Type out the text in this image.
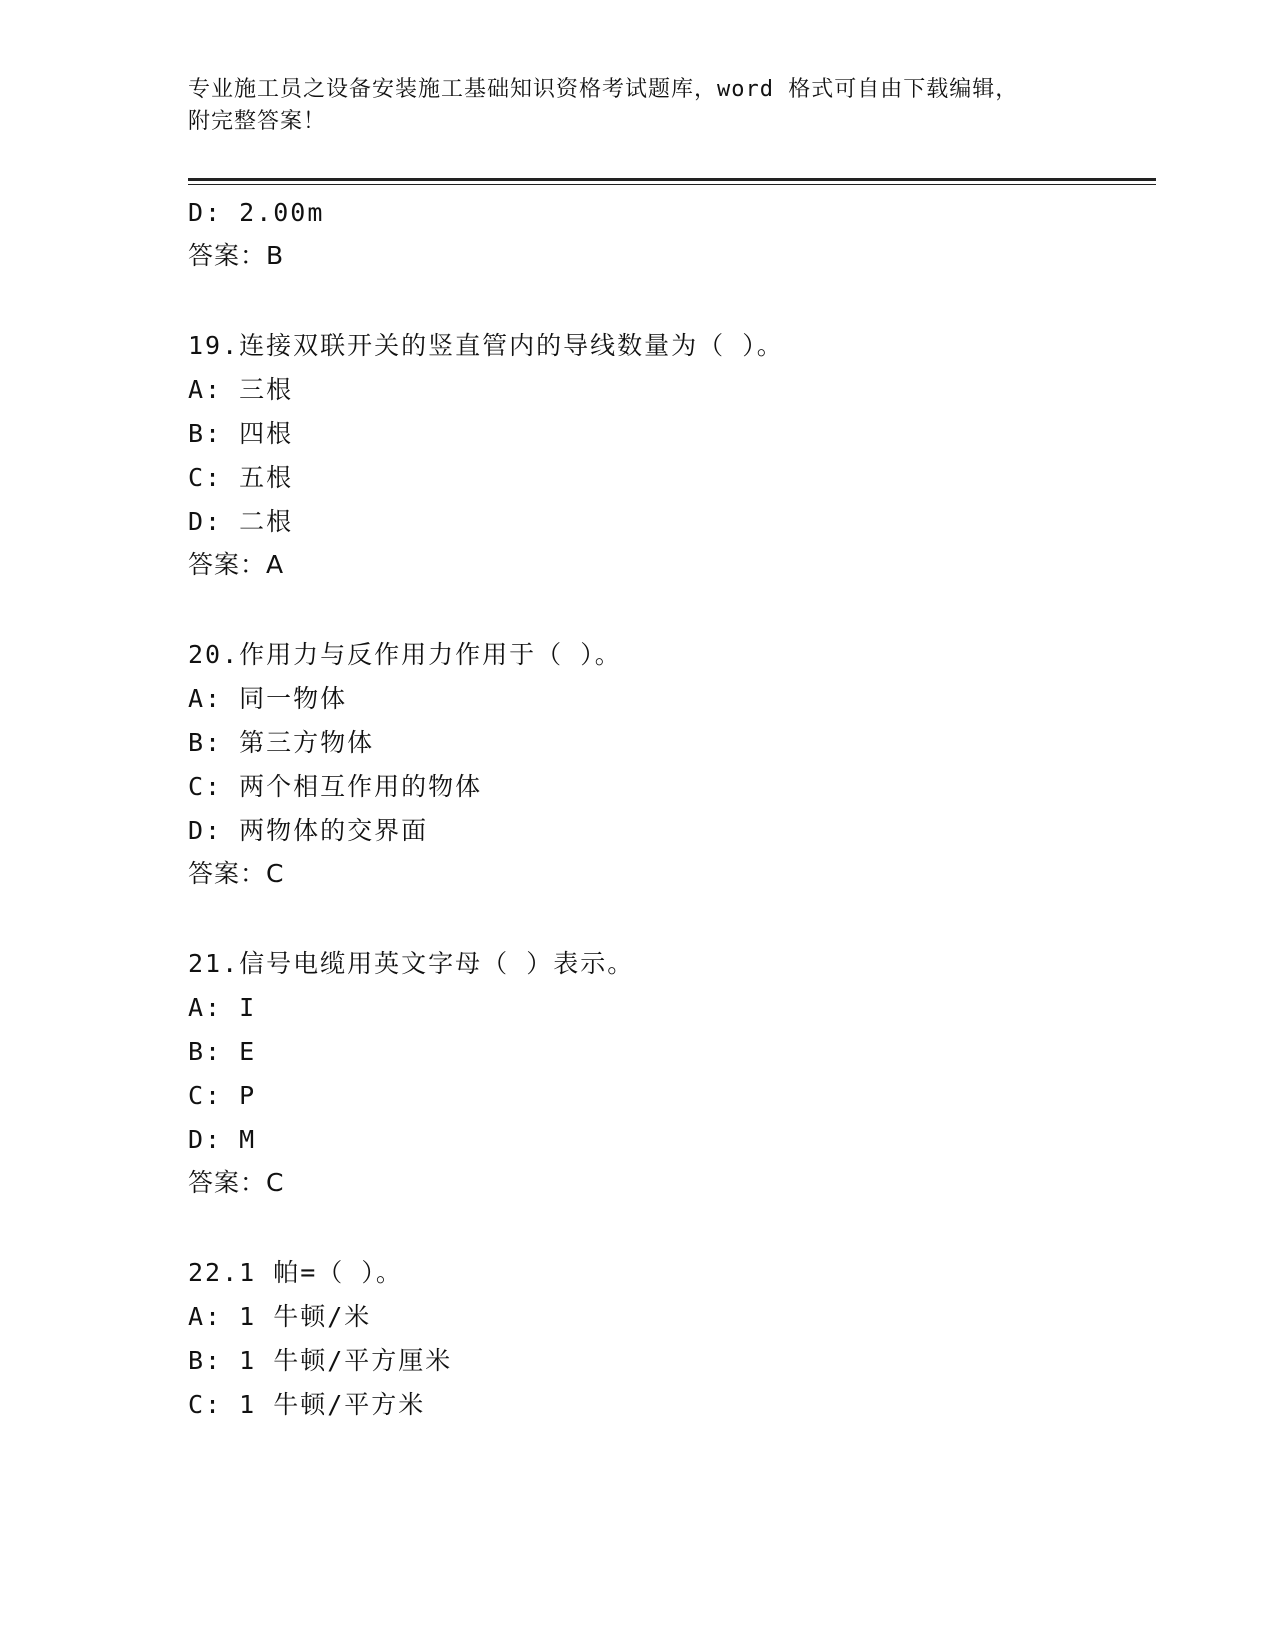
专业施工员之设备安装施工基础知识资格考试题库，word 格式可自由下载编辑，
附完整答案！
D: 2.00m
答案：B
19.连接双联开关的竖直管内的导线数量为（ ）。
A: 三根
B: 四根
C: 五根
D: 二根
答案：A
20.作用力与反作用力作用于（ ）。
A: 同一物体
B: 第三方物体
C: 两个相互作用的物体
D: 两物体的交界面
答案：C
21.信号电缆用英文字母（ ）表示。
A: I
B: E
C: P
D: M
答案：C
22.1 帕=（ ）。
A: 1 牛顿/米
B: 1 牛顿/平方厘米
C: 1 牛顿/平方米
